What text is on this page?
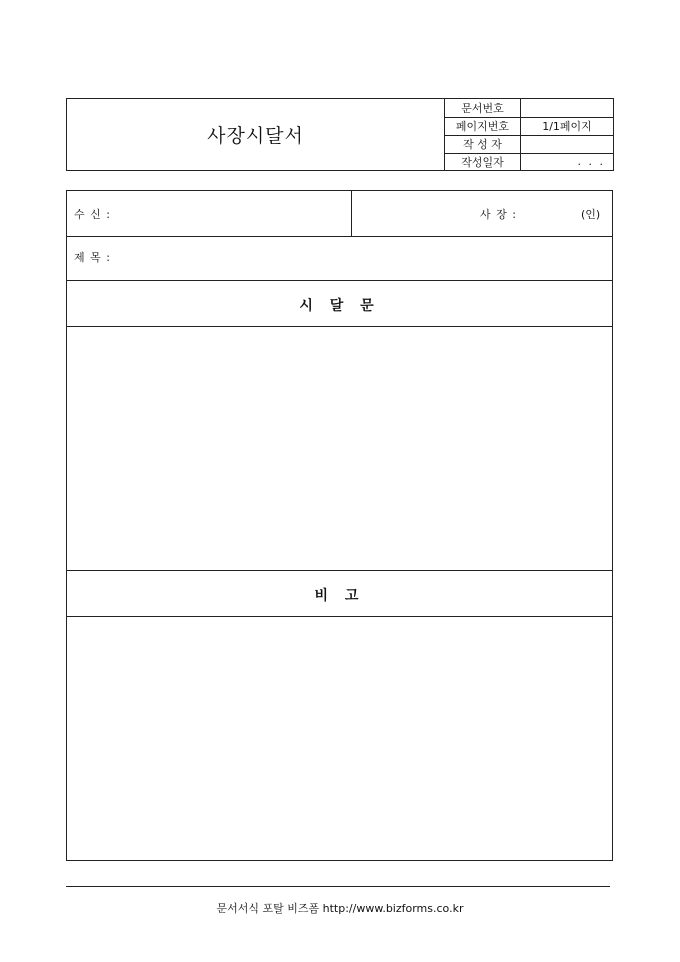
사장시달서
문서번호
페이지번호	1/1페이지
작 성 자
작성일자	. . .
수 신 :	사 장 :	(인)
제 목 :
시 달 문
비 고
문서서식 포탈 비즈폼 http://www.bizforms.co.kr
